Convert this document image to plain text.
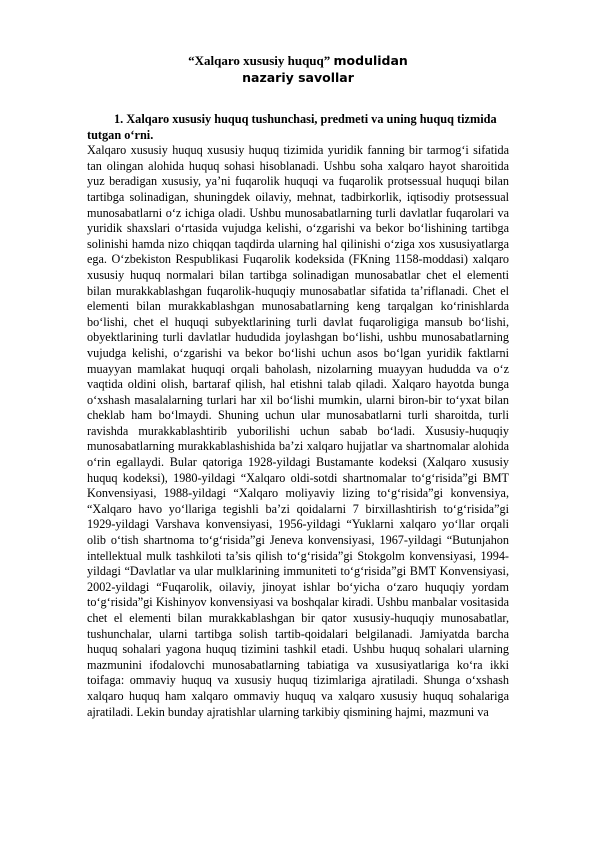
“Xalqaro xususiy huquq” modulidan
nazariy savollar

1. Xalqaro xususiy huquq tushunchasi, predmeti va uning huquq tizmida tutgan o‘rni.

Xalqaro xususiy huquq xususiy huquq tizimida yuridik fanning bir tarmog‘i sifatida tan olingan alohida huquq sohasi hisoblanadi. Ushbu soha xalqaro hayot sharoitida yuz beradigan xususiy, ya’ni fuqarolik huquqi va fuqarolik protsessual huquqi bilan tartibga solinadigan, shuningdek oilaviy, mehnat, tadbirkorlik, iqtisodiy protsessual munosabatlarni o‘z ichiga oladi. Ushbu munosabatlarning turli davlatlar fuqarolari va yuridik shaxslari o‘rtasida vujudga kelishi, o‘zgarishi va bekor bo‘lishining tartibga solinishi hamda nizo chiqqan taqdirda ularning hal qilinishi o‘ziga xos xususiyatlarga ega. O‘zbekiston Respublikasi Fuqarolik kodeksida (FKning 1158-moddasi) xalqaro xususiy huquq normalari bilan tartibga solinadigan munosabatlar chet el elementi bilan murakkablashgan fuqarolik-huquqiy munosabatlar sifatida ta’riflanadi. Chet el elementi bilan murakkablashgan munosabatlarning keng tarqalgan ko‘rinishlarda bo‘lishi, chet el huquqi subyektlarining turli davlat fuqaroligiga mansub bo‘lishi, obyektlarining turli davlatlar hududida joylashgan bo‘lishi, ushbu munosabatlarning vujudga kelishi, o‘zgarishi va bekor bo‘lishi uchun asos bo‘lgan yuridik faktlarni muayyan mamlakat huquqi orqali baholash, nizolarning muayyan hududda va o‘z vaqtida oldini olish, bartaraf qilish, hal etishni talab qiladi. Xalqaro hayotda bunga o‘xshash masalalarning turlari har xil bo‘lishi mumkin, ularni biron-bir to‘yxat bilan cheklab ham bo‘lmaydi. Shuning uchun ular munosabatlarni turli sharoitda, turli ravishda murakkablashtirib yuborilishi uchun sabab bo‘ladi. Xususiy-huquqiy munosabatlarning murakkablashishida ba’zi xalqaro hujjatlar va shartnomalar alohida o‘rin egallaydi. Bular qatoriga 1928-yildagi Bustamante kodeksi (Xalqaro xususiy huquq kodeksi), 1980-yildagi “Xalqaro oldi-sotdi shartnomalar to‘g‘risida”gi BMT Konvensiyasi, 1988-yildagi “Xalqaro moliyaviy lizing to‘g‘risida”gi konvensiya, “Xalqaro havo yo‘llariga tegishli ba’zi qoidalarni 7 birxillashtirish to‘g‘risida”gi 1929-yildagi Varshava konvensiyasi, 1956-yildagi “Yuklarni xalqaro yo‘llar orqali olib o‘tish shartnoma to‘g‘risida”gi Jeneva konvensiyasi, 1967-yildagi “Butunjahon intellektual mulk tashkiloti ta’sis qilish to‘g‘risida”gi Stokgolm konvensiyasi, 1994-yildagi “Davlatlar va ular mulklarining immuniteti to‘g‘risida”gi BMT Konvensiyasi, 2002-yildagi “Fuqarolik, oilaviy, jinoyat ishlar bo‘yicha o‘zaro huquqiy yordam to‘g‘risida”gi Kishinyov konvensiyasi va boshqalar kiradi. Ushbu manbalar vositasida chet el elementi bilan murakkablashgan bir qator xususiy-huquqiy munosabatlar, tushunchalar, ularni tartibga solish tartib-qoidalari belgilanadi. Jamiyatda barcha huquq sohalari yagona huquq tizimini tashkil etadi. Ushbu huquq sohalari ularning mazmunini ifodalovchi munosabatlarning tabiatiga va xususiyatlariga ko‘ra ikki toifaga: ommaviy huquq va xususiy huquq tizimlariga ajratiladi. Shunga o‘xshash xalqaro huquq ham xalqaro ommaviy huquq va xalqaro xususiy huquq sohalariga ajratiladi. Lekin bunday ajratishlar ularning tarkibiy qismining hajmi, mazmuni va
